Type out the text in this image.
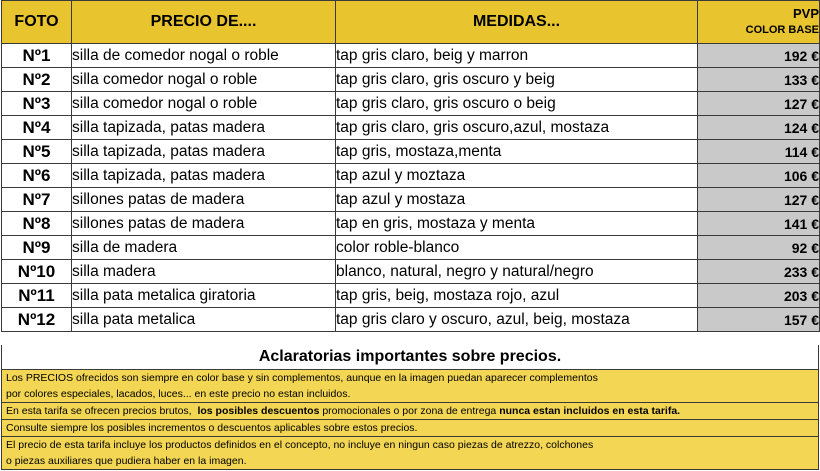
FOTO	PRECIO DE....	MEDIDAS...	PVP
COLOR BASE
Nº1	silla de comedor nogal o roble	tap gris claro, beig y marron	192 €
Nº2	silla comedor nogal o roble	tap gris claro, gris oscuro y beig	133 €
Nº3	silla comedor nogal o roble	tap gris claro, gris oscuro o beig	127 €
Nº4	silla tapizada, patas madera	tap gris claro, gris oscuro,azul, mostaza	124 €
Nº5	silla tapizada, patas madera	tap gris, mostaza,menta	114 €
Nº6	silla tapizada, patas madera	tap azul y moztaza	106 €
Nº7	sillones patas de madera	tap azul y mostaza	127 €
Nº8	sillones patas de madera	tap en gris, mostaza y menta	141 €
Nº9	silla de madera	color roble-blanco	92 €
Nº10	silla madera	blanco, natural, negro y natural/negro	233 €
Nº11	silla pata metalica giratoria	tap gris, beig, mostaza rojo, azul	203 €
Nº12	silla pata metalica	tap gris claro y oscuro, azul, beig, mostaza	157 €
Aclaratorias importantes sobre precios.
Los PRECIOS ofrecidos son siempre en color base y sin complementos, aunque en la imagen puedan aparecer complementos
por colores especiales, lacados, luces... en este precio no estan incluidos.
En esta tarifa se ofrecen precios brutos, los posibles descuentos promocionales o por zona de entrega nunca estan incluidos en esta tarifa.
Consulte siempre los posibles incrementos o descuentos aplicables sobre estos precios.
El precio de esta tarifa incluye los productos definidos en el concepto, no incluye en ningun caso piezas de atrezzo, colchones
o piezas auxiliares que pudiera haber en la imagen.
